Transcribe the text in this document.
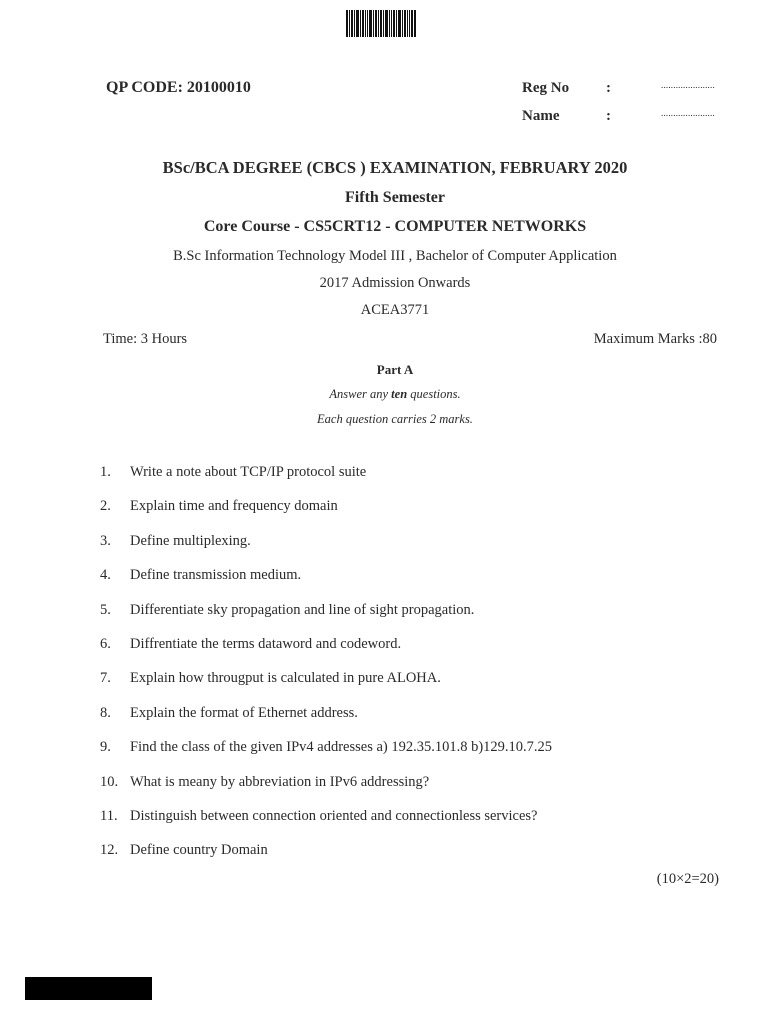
QP CODE: 20100010	Reg No :	......................
Name	:	......................
BSc/BCA DEGREE (CBCS ) EXAMINATION, FEBRUARY 2020
Fifth Semester
Core Course - CS5CRT12 - COMPUTER NETWORKS
B.Sc Information Technology Model III , Bachelor of Computer Application
2017 Admission Onwards
ACEA3771
Time: 3 Hours	Maximum Marks :80
Part A
Answer any ten questions.
Each question carries 2 marks.
1. Write a note about TCP/IP protocol suite
2. Explain time and frequency domain
3. Define multiplexing.
4. Define transmission medium.
5. Differentiate sky propagation and line of sight propagation.
6. Diffrentiate the terms dataword and codeword.
7. Explain how througput is calculated in pure ALOHA.
8. Explain the format of Ethernet address.
9. Find the class of the given IPv4 addresses a) 192.35.101.8 b)129.10.7.25
10. What is meany by abbreviation in IPv6 addressing?
11. Distinguish between connection oriented and connectionless services?
12. Define country Domain
(10×2=20)
